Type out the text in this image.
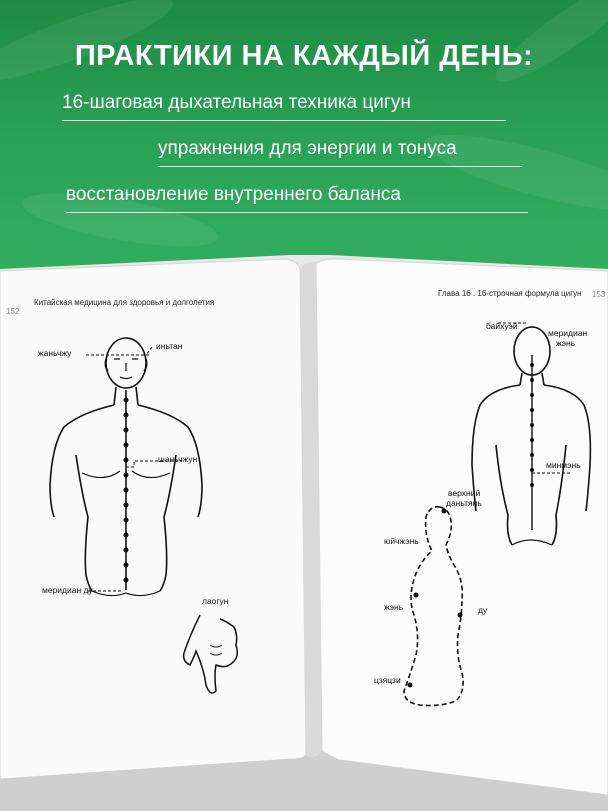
ПРАКТИКИ НА КАЖДЫЙ ДЕНЬ:
16-шаговая дыхательная техника цигун
упражнения для энергии и тонуса
восстановление внутреннего баланса
152
Китайская медицина для здоровья и долголетия
Глава 16 . 16-строчная формула цигун 153
жаньчжу
иньтан
шаньчжун
меридиан ду
лаогун
байхуэй
меридиан
жэнь
минмэнь
верхний
даньтянь
юйчжэнь
жэнь	ду
цзяцзи
